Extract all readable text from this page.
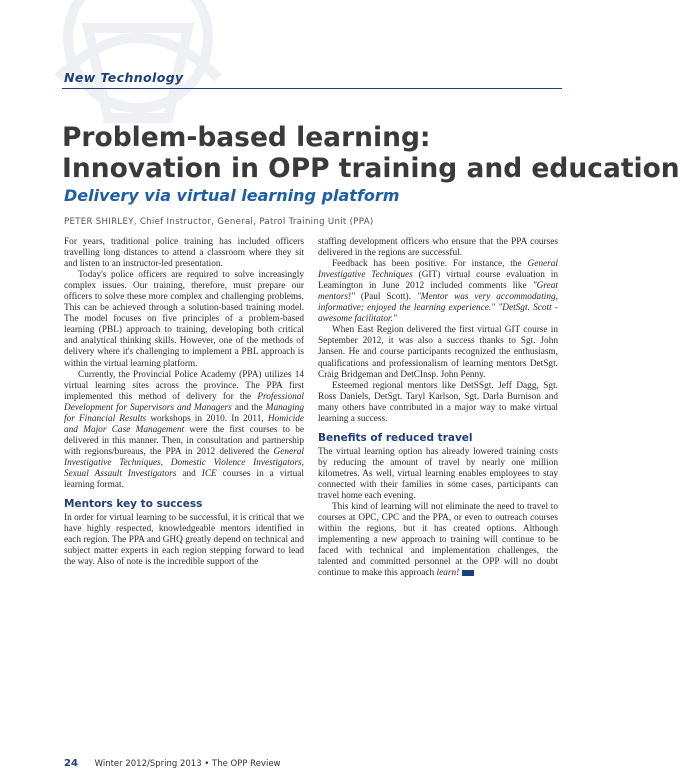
New Technology
Problem-based learning:
Innovation in OPP training and education
Delivery via virtual learning platform
PETER SHIRLEY, Chief Instructor, General, Patrol Training Unit (PPA)

For years, traditional police training has included officers travelling long distances to attend a classroom where they sit and listen to an instructor-led presentation.

Today's police officers are required to solve increasingly complex issues. Our training, therefore, must prepare our officers to solve these more complex and challenging problems. This can be achieved through a solution-based training model. The model focuses on five principles of a problem-based learning (PBL) approach to training, developing both critical and analytical thinking skills. However, one of the methods of delivery where it's challenging to implement a PBL approach is within the virtual learning platform.

Currently, the Provincial Police Academy (PPA) utilizes 14 virtual learning sites across the province. The PPA first implemented this method of delivery for the Professional Development for Supervisors and Managers and the Managing for Financial Results workshops in 2010. In 2011, Homicide and Major Case Management were the first courses to be delivered in this manner. Then, in consultation and partnership with regions/bureaus, the PPA in 2012 delivered the General Investigative Techniques, Domestic Violence Investigators, Sexual Assault Investigators and ICE courses in a virtual learning format.

Mentors key to success

In order for virtual learning to be successful, it is critical that we have highly respected, knowledgeable mentors identified in each region. The PPA and GHQ greatly depend on technical and subject matter experts in each region stepping forward to lead the way. Also of note is the incredible support of the

staffing development officers who ensure that the PPA courses delivered in the regions are successful.

Feedback has been positive. For instance, the General Investigative Techniques (GIT) virtual course evaluation in Leamington in June 2012 included comments like "Great mentors!" (Paul Scott). "Mentor was very accommodating, informative; enjoyed the learning experience." "DetSgt. Scott - awesome facilitator."

When East Region delivered the first virtual GIT course in September 2012, it was also a success thanks to Sgt. John Jansen. He and course participants recognized the enthusiasm, qualifications and professionalism of learning mentors DetSgt. Craig Bridgeman and DetCInsp. John Penny.

Esteemed regional mentors like DetSSgt. Jeff Dagg, Sgt. Ross Daniels, DetSgt. Taryl Karlson, Sgt. Darla Burnison and many others have contributed in a major way to make virtual learning a success.

Benefits of reduced travel

The virtual learning option has already lowered training costs by reducing the amount of travel by nearly one million kilometres. As well, virtual learning enables employees to stay connected with their families in some cases, participants can travel home each evening.

This kind of learning will not eliminate the need to travel to courses at OPC, CPC and the PPA, or even to outreach courses within the regions, but it has created options. Although implementing a new approach to training will continue to be faced with technical and implementation challenges, the talented and committed personnel at the OPP will no doubt continue to make this approach learn!

24 Winter 2012/Spring 2013 • The OPP Review
